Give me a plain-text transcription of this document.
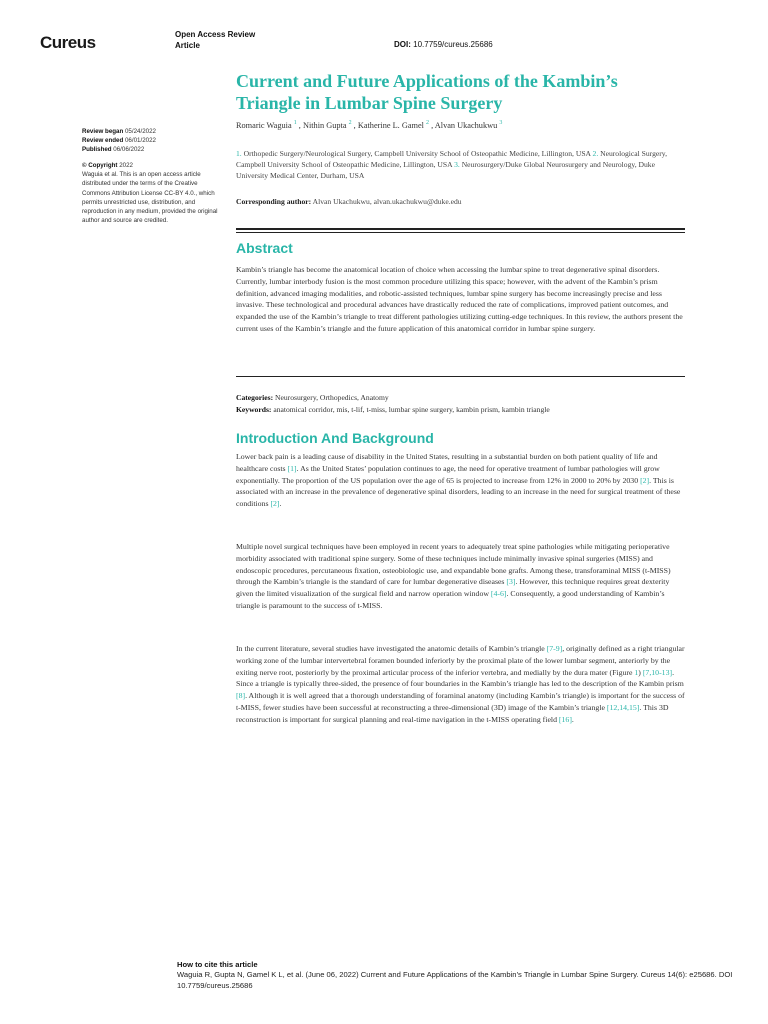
Cureus	Open Access Review
Article	DOI: 10.7759/cureus.25686
Current and Future Applications of the Kambin’s Triangle in Lumbar Spine Surgery
Romaric Waguia $^1$ , Nithin Gupta $^2$ , Katherine L. Gamel $^2$ , Alvan Ukachukwu $^3$
1. Orthopedic Surgery/Neurological Surgery, Campbell University School of Osteopathic Medicine, Lillington, USA 2. Neurological Surgery, Campbell University School of Osteopathic Medicine, Lillington, USA 3. Neurosurgery/Duke Global Neurosurgery and Neurology, Duke University Medical Center, Durham, USA
Corresponding author: Alvan Ukachukwu, alvan.ukachukwu@duke.edu
Review began 05/24/2022
Review ended 06/01/2022
Published 06/06/2022
© Copyright 2022
Waguia et al. This is an open access article distributed under the terms of the Creative Commons Attribution License CC-BY 4.0., which permits unrestricted use, distribution, and reproduction in any medium, provided the original author and source are credited.
Abstract

Kambin’s triangle has become the anatomical location of choice when accessing the lumbar spine to treat degenerative spinal disorders. Currently, lumbar interbody fusion is the most common procedure utilizing this space; however, with the advent of the Kambin’s prism definition, advanced imaging modalities, and robotic-assisted techniques, lumbar spine surgery has become increasingly precise and less invasive. These technological and procedural advances have drastically reduced the rate of complications, improved patient outcomes, and expanded the use of the Kambin’s triangle to treat different pathologies utilizing cutting-edge techniques. In this review, the authors present the current uses of the Kambin’s triangle and the future application of this anatomical corridor in lumbar spine surgery.

Categories: Neurosurgery, Orthopedics, Anatomy
Keywords: anatomical corridor, mis, t-lif, t-miss, lumbar spine surgery, kambin prism, kambin triangle
Introduction And Background

Lower back pain is a leading cause of disability in the United States, resulting in a substantial burden on both patient quality of life and healthcare costs [1]. As the United States’ population continues to age, the need for operative treatment of lumbar pathologies will grow exponentially. The proportion of the US population over the age of 65 is projected to increase from 12% in 2000 to 20% by 2030 [2]. This is associated with an increase in the prevalence of degenerative spinal disorders, leading to an increase in the need for surgical treatment of these conditions [2].

Multiple novel surgical techniques have been employed in recent years to adequately treat spine pathologies while mitigating perioperative morbidity associated with traditional spine surgery. Some of these techniques include minimally invasive spinal surgeries (MISS) and endoscopic procedures, percutaneous fixation, osteobiologic use, and expandable bone grafts. Among these, transforaminal MISS (t-MISS) through the Kambin’s triangle is the standard of care for lumbar degenerative diseases [3]. However, this technique requires great dexterity given the limited visualization of the surgical field and narrow operation window [4-6]. Consequently, a good understanding of Kambin’s triangle is paramount to the success of t-MISS.

In the current literature, several studies have investigated the anatomic details of Kambin’s triangle [7-9], originally defined as a right triangular working zone of the lumbar intervertebral foramen bounded inferiorly by the proximal plate of the lower lumbar segment, anteriorly by the exiting nerve root, posteriorly by the proximal articular process of the inferior vertebra, and medially by the dura mater (Figure 1) [7,10-13]. Since a triangle is typically three-sided, the presence of four boundaries in the Kambin’s triangle has led to the description of the Kambin prism [8]. Although it is well agreed that a thorough understanding of foraminal anatomy (including Kambin’s triangle) is important for the success of t-MISS, fewer studies have been successful at reconstructing a three-dimensional (3D) image of the Kambin’s triangle [12,14,15]. This 3D reconstruction is important for surgical planning and real-time navigation in the t-MISS operating field [16].

How to cite this article
Waguia R, Gupta N, Gamel K L, et al. (June 06, 2022) Current and Future Applications of the Kambin’s Triangle in Lumbar Spine Surgery. Cureus 14(6): e25686. DOI 10.7759/cureus.25686
